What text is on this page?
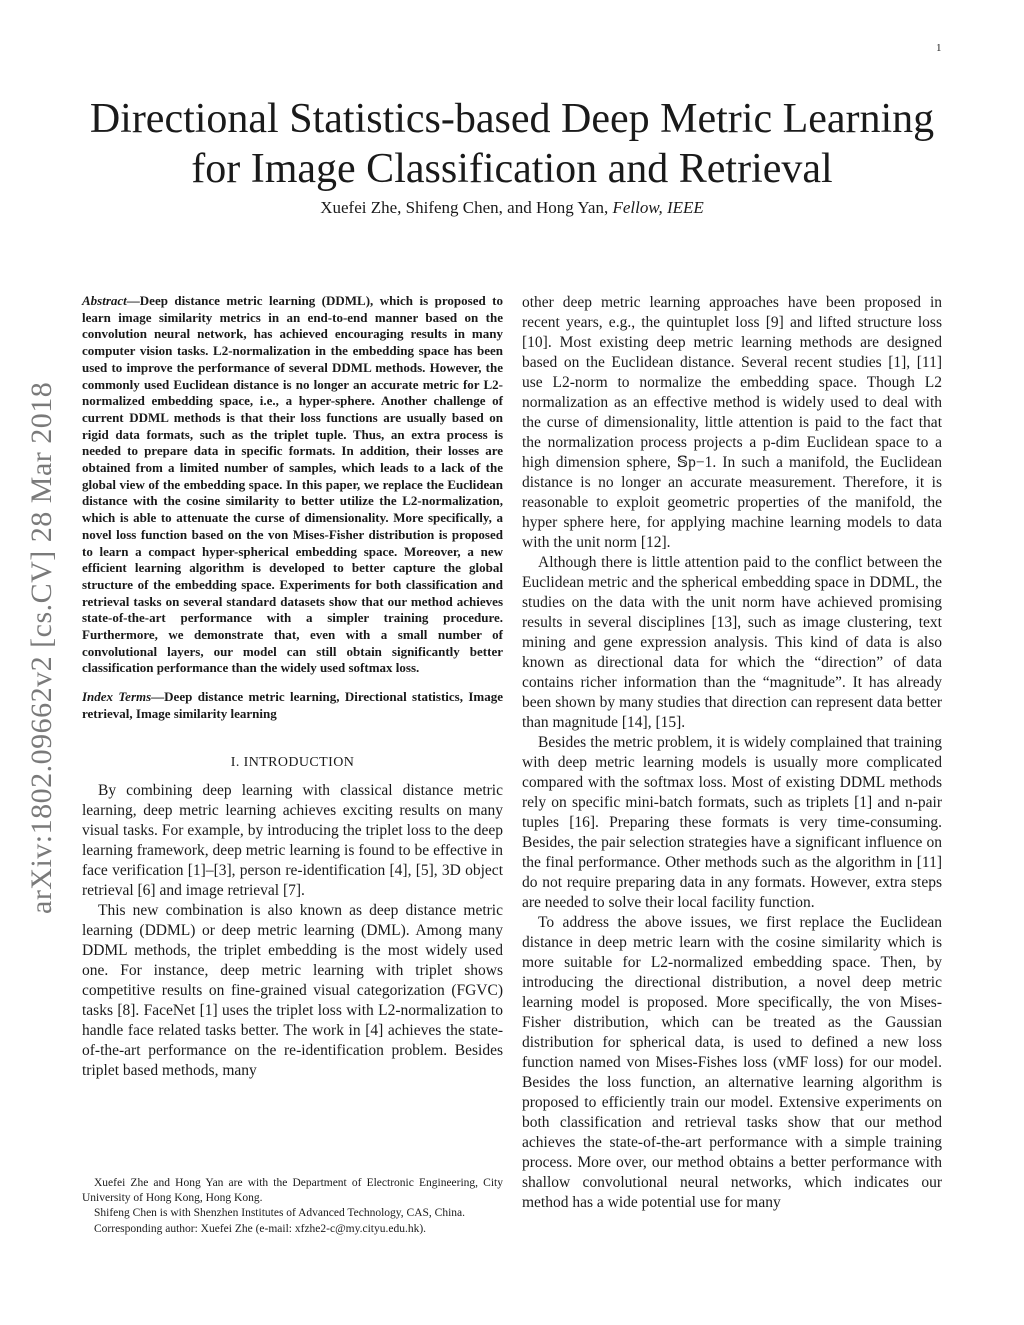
1
arXiv:1802.09662v2 [cs.CV] 28 Mar 2018
Directional Statistics-based Deep Metric Learning
for Image Classification and Retrieval
Xuefei Zhe, Shifeng Chen, and Hong Yan, Fellow, IEEE
Abstract—Deep distance metric learning (DDML), which is proposed to learn image similarity metrics in an end-to-end manner based on the convolution neural network, has achieved encouraging results in many computer vision tasks. L2-normalization in the embedding space has been used to improve the performance of several DDML methods. However, the commonly used Euclidean distance is no longer an accurate metric for L2-normalized embedding space, i.e., a hyper-sphere. Another challenge of current DDML methods is that their loss functions are usually based on rigid data formats, such as the triplet tuple. Thus, an extra process is needed to prepare data in specific formats. In addition, their losses are obtained from a limited number of samples, which leads to a lack of the global view of the embedding space. In this paper, we replace the Euclidean distance with the cosine similarity to better utilize the L2-normalization, which is able to attenuate the curse of dimensionality. More specifically, a novel loss function based on the von Mises-Fisher distribution is proposed to learn a compact hyper-spherical embedding space. Moreover, a new efficient learning algorithm is developed to better capture the global structure of the embedding space. Experiments for both classification and retrieval tasks on several standard datasets show that our method achieves state-of-the-art performance with a simpler training procedure. Furthermore, we demonstrate that, even with a small number of convolutional layers, our model can still obtain significantly better classification performance than the widely used softmax loss.
Index Terms—Deep distance metric learning, Directional statistics, Image retrieval, Image similarity learning
I. INTRODUCTION

By combining deep learning with classical distance metric learning, deep metric learning achieves exciting results on many visual tasks. For example, by introducing the triplet loss to the deep learning framework, deep metric learning is found to be effective in face verification [1]–[3], person re-identification [4], [5], 3D object retrieval [6] and image retrieval [7].

This new combination is also known as deep distance metric learning (DDML) or deep metric learning (DML). Among many DDML methods, the triplet embedding is the most widely used one. For instance, deep metric learning with triplet shows competitive results on fine-grained visual categorization (FGVC) tasks [8]. FaceNet [1] uses the triplet loss with L2-normalization to handle face related tasks better. The work in [4] achieves the state-of-the-art performance on the re-identification problem. Besides triplet based methods, many

Xuefei Zhe and Hong Yan are with the Department of Electronic Engineering, City University of Hong Kong, Hong Kong.

Shifeng Chen is with Shenzhen Institutes of Advanced Technology, CAS, China.

Corresponding author: Xuefei Zhe (e-mail: xfzhe2-c@my.cityu.edu.hk).

other deep metric learning approaches have been proposed in recent years, e.g., the quintuplet loss [9] and lifted structure loss [10]. Most existing deep metric learning methods are designed based on the Euclidean distance. Several recent studies [1], [11] use L2-norm to normalize the embedding space. Though L2 normalization as an effective method is widely used to deal with the curse of dimensionality, little attention is paid to the fact that the normalization process projects a p-dim Euclidean space to a high dimension sphere, 𝕊p−1. In such a manifold, the Euclidean distance is no longer an accurate measurement. Therefore, it is reasonable to exploit geometric properties of the manifold, the hyper sphere here, for applying machine learning models to data with the unit norm [12].

Although there is little attention paid to the conflict between the Euclidean metric and the spherical embedding space in DDML, the studies on the data with the unit norm have achieved promising results in several disciplines [13], such as image clustering, text mining and gene expression analysis. This kind of data is also known as directional data for which the “direction” of data contains richer information than the “magnitude”. It has already been shown by many studies that direction can represent data better than magnitude [14], [15].

Besides the metric problem, it is widely complained that training with deep metric learning models is usually more complicated compared with the softmax loss. Most of existing DDML methods rely on specific mini-batch formats, such as triplets [1] and n-pair tuples [16]. Preparing these formats is very time-consuming. Besides, the pair selection strategies have a significant influence on the final performance. Other methods such as the algorithm in [11] do not require preparing data in any formats. However, extra steps are needed to solve their local facility function.

To address the above issues, we first replace the Euclidean distance in deep metric learn with the cosine similarity which is more suitable for L2-normalized embedding space. Then, by introducing the directional distribution, a novel deep metric learning model is proposed. More specifically, the von Mises-Fisher distribution, which can be treated as the Gaussian distribution for spherical data, is used to defined a new loss function named von Mises-Fishes loss (vMF loss) for our model. Besides the loss function, an alternative learning algorithm is proposed to efficiently train our model. Extensive experiments on both classification and retrieval tasks show that our method achieves the state-of-the-art performance with a simple training process. More over, our method obtains a better performance with shallow convolutional neural networks, which indicates our method has a wide potential use for many
